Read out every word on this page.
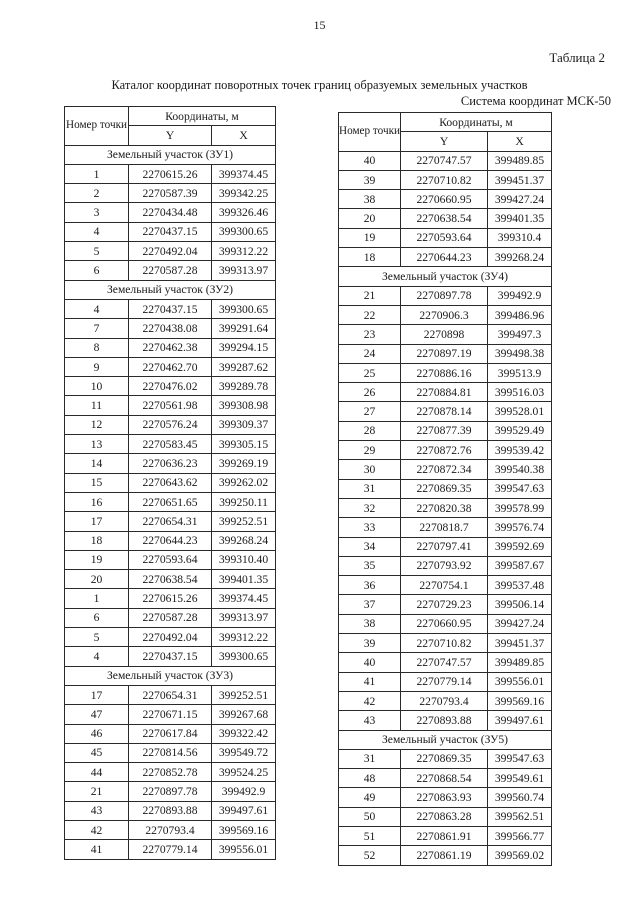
15
Таблица 2
Каталог координат поворотных точек границ образуемых земельных участков
Система координат МСК-50
Номер точки	Координаты, м	
	Y	X
Земельный участок (ЗУ1)		
1	2270615.26	399374.45
2	2270587.39	399342.25
3	2270434.48	399326.46
4	2270437.15	399300.65
5	2270492.04	399312.22
6	2270587.28	399313.97
Земельный участок (ЗУ2)		
4	2270437.15	399300.65
7	2270438.08	399291.64
8	2270462.38	399294.15
9	2270462.70	399287.62
10	2270476.02	399289.78
11	2270561.98	399308.98
12	2270576.24	399309.37
13	2270583.45	399305.15
14	2270636.23	399269.19
15	2270643.62	399262.02
16	2270651.65	399250.11
17	2270654.31	399252.51
18	2270644.23	399268.24
19	2270593.64	399310.40
20	2270638.54	399401.35
1	2270615.26	399374.45
6	2270587.28	399313.97
5	2270492.04	399312.22
4	2270437.15	399300.65
Земельный участок (ЗУ3)		
17	2270654.31	399252.51
47	2270671.15	399267.68
46	2270617.84	399322.42
45	2270814.56	399549.72
44	2270852.78	399524.25
21	2270897.78	399492.9
43	2270893.88	399497.61
42	2270793.4	399569.16
41	2270779.14	399556.01
Номер точки	Координаты, м	
	Y	X
40	2270747.57	399489.85
39	2270710.82	399451.37
38	2270660.95	399427.24
20	2270638.54	399401.35
19	2270593.64	399310.4
18	2270644.23	399268.24
Земельный участок (ЗУ4)		
21	2270897.78	399492.9
22	2270906.3	399486.96
23	2270898	399497.3
24	2270897.19	399498.38
25	2270886.16	399513.9
26	2270884.81	399516.03
27	2270878.14	399528.01
28	2270877.39	399529.49
29	2270872.76	399539.42
30	2270872.34	399540.38
31	2270869.35	399547.63
32	2270820.38	399578.99
33	2270818.7	399576.74
34	2270797.41	399592.69
35	2270793.92	399587.67
36	2270754.1	399537.48
37	2270729.23	399506.14
38	2270660.95	399427.24
39	2270710.82	399451.37
40	2270747.57	399489.85
41	2270779.14	399556.01
42	2270793.4	399569.16
43	2270893.88	399497.61
Земельный участок (ЗУ5)		
31	2270869.35	399547.63
48	2270868.54	399549.61
49	2270863.93	399560.74
50	2270863.28	399562.51
51	2270861.91	399566.77
52	2270861.19	399569.02
